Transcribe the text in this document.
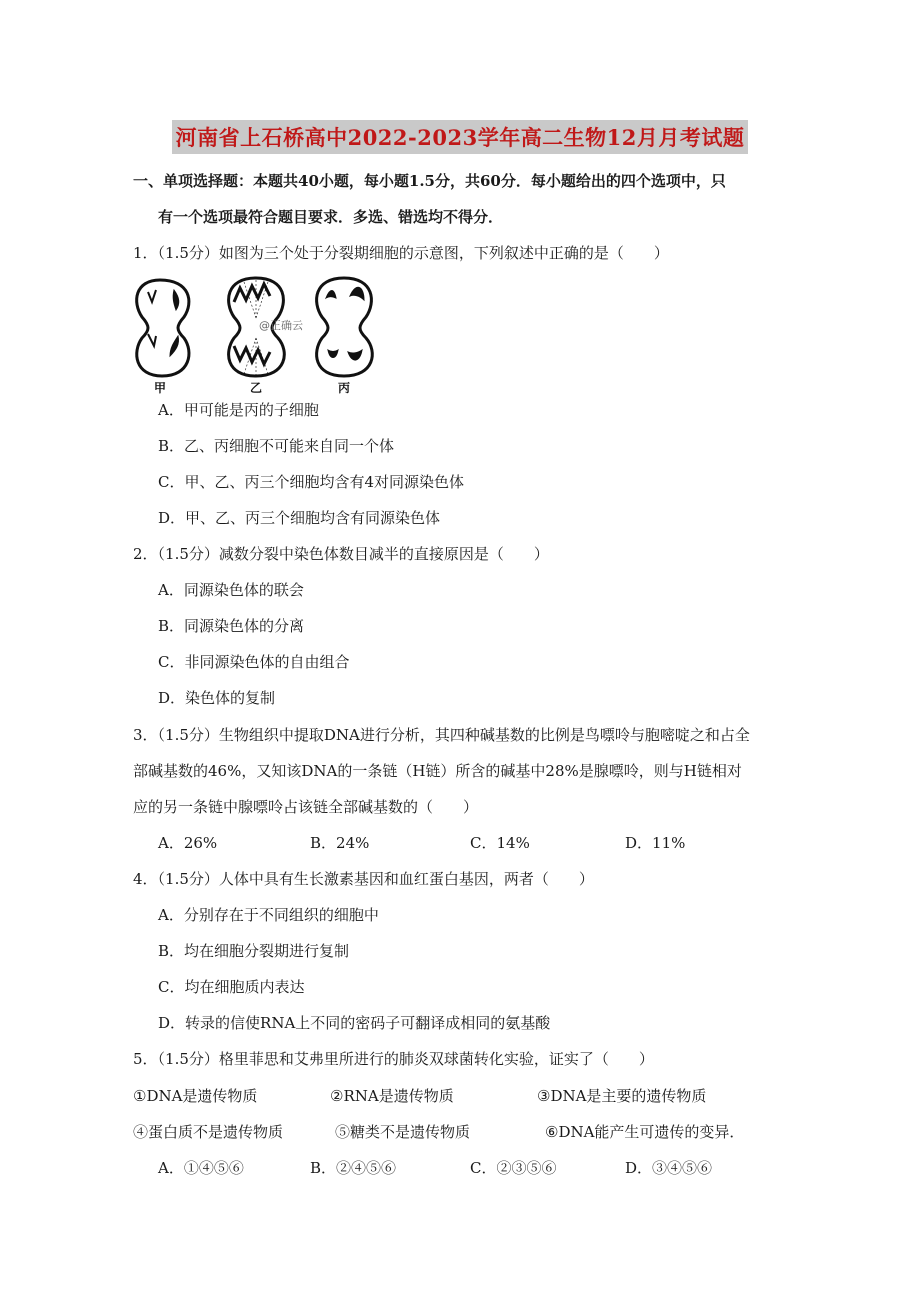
河南省上石桥高中2022-2023学年高二生物12月月考试题
一、单项选择题：本题共40小题，每小题1.5分，共60分．每小题给出的四个选项中，只
有一个选项最符合题目要求．多选、错选均不得分．
1．（1.5分）如图为三个处于分裂期细胞的示意图，下列叙述中正确的是（　　）
@正确云
甲	乙	丙
A．甲可能是丙的子细胞
B．乙、丙细胞不可能来自同一个体
C．甲、乙、丙三个细胞均含有4对同源染色体
D．甲、乙、丙三个细胞均含有同源染色体
2．（1.5分）减数分裂中染色体数目减半的直接原因是（　　）
A．同源染色体的联会
B．同源染色体的分离
C．非同源染色体的自由组合
D．染色体的复制
3．（1.5分）生物组织中提取DNA进行分析，其四种碱基数的比例是鸟嘌呤与胞嘧啶之和占全
部碱基数的46%，又知该DNA的一条链（H链）所含的碱基中28%是腺嘌呤，则与H链相对
应的另一条链中腺嘌呤占该链全部碱基数的（　　）
A．26%	B．24%	C．14%	D．11%
4．（1.5分）人体中具有生长激素基因和血红蛋白基因，两者（　　）
A．分别存在于不同组织的细胞中
B．均在细胞分裂期进行复制
C．均在细胞质内表达
D．转录的信使RNA上不同的密码子可翻译成相同的氨基酸
5．（1.5分）格里菲思和艾弗里所进行的肺炎双球菌转化实验，证实了（　　）
①DNA是遗传物质	②RNA是遗传物质	③DNA是主要的遗传物质
④蛋白质不是遗传物质	⑤糖类不是遗传物质	⑥DNA能产生可遗传的变异．
A．①④⑤⑥	B．②④⑤⑥	C．②③⑤⑥	D．③④⑤⑥
